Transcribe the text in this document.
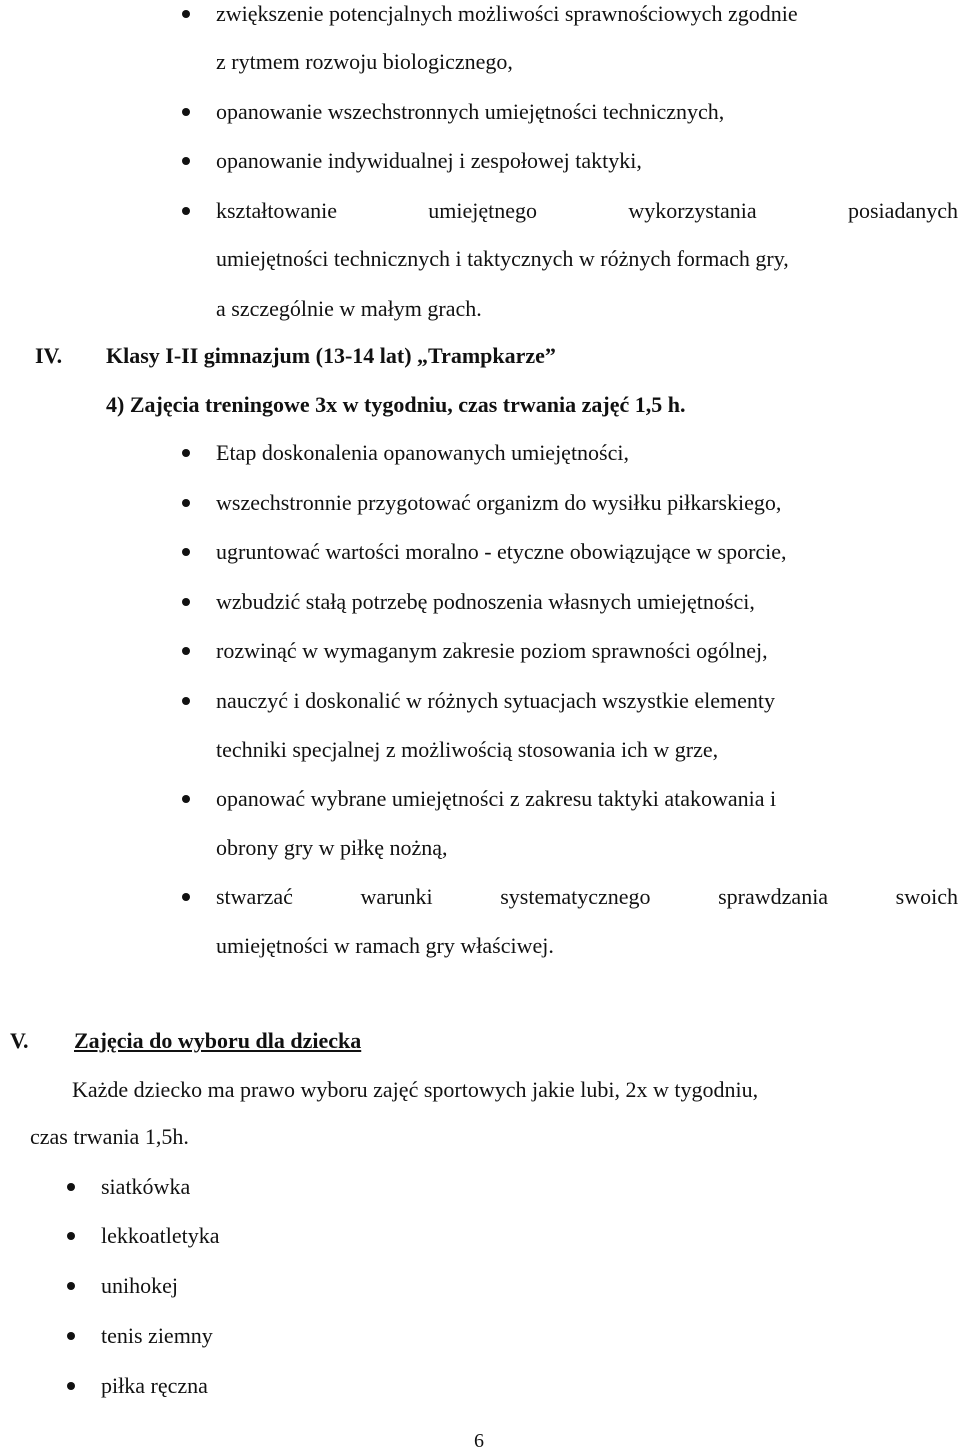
zwiększenie potencjalnych możliwości sprawnościowych zgodnie
z rytmem rozwoju biologicznego,
opanowanie wszechstronnych umiejętności technicznych,
opanowanie indywidualnej i zespołowej taktyki,
kształtowanie	umiejętnego	wykorzystania	posiadanych
umiejętności technicznych i taktycznych w różnych formach gry,
a szczególnie w małym grach.
IV. Klasy I-II gimnazjum (13-14 lat) „Trampkarze”
4) Zajęcia treningowe 3x w tygodniu, czas trwania zajęć 1,5 h.
Etap doskonalenia opanowanych umiejętności,
wszechstronnie przygotować organizm do wysiłku piłkarskiego,
ugruntować wartości moralno - etyczne obowiązujące w sporcie,
wzbudzić stałą potrzebę podnoszenia własnych umiejętności,
rozwinąć w wymaganym zakresie poziom sprawności ogólnej,
nauczyć i doskonalić w różnych sytuacjach wszystkie elementy
techniki specjalnej z możliwością stosowania ich w grze,
opanować wybrane umiejętności z zakresu taktyki atakowania i
obrony gry w piłkę nożną,
stwarzać	warunki	systematycznego	sprawdzania	swoich
umiejętności w ramach gry właściwej.
V. Zajęcia do wyboru dla dziecka
Każde dziecko ma prawo wyboru zajęć sportowych jakie lubi, 2x w tygodniu,
czas trwania 1,5h.
siatkówka
lekkoatletyka
unihokej
tenis ziemny
piłka ręczna
6
